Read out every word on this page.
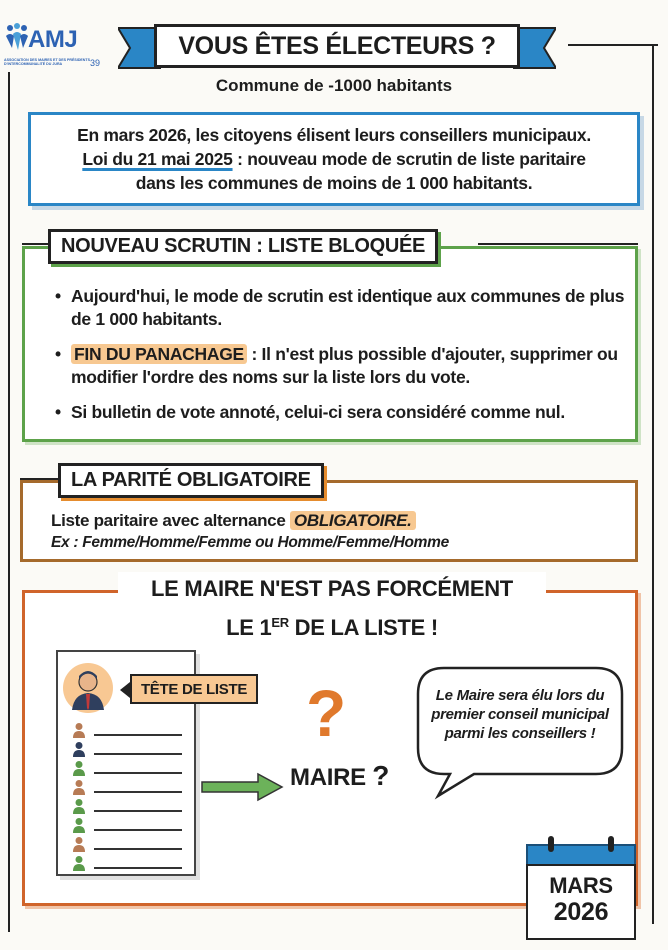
AMJ
ASSOCIATION DES MAIRES ET DES PRÉSIDENTS D'INTERCOMMUNALITÉ DU JURA	39
VOUS ÊTES ÉLECTEURS ?
Commune de -1000 habitants
En mars 2026, les citoyens élisent leurs conseillers municipaux.
Loi du 21 mai 2025 : nouveau mode de scrutin de liste paritaire
dans les communes de moins de 1 000 habitants.
• Aujourd'hui, le mode de scrutin est identique aux communes de plus de 1 000 habitants.
• FIN DU PANACHAGE : Il n'est plus possible d'ajouter, supprimer ou modifier l'ordre des noms sur la liste lors du vote.
• Si bulletin de vote annoté, celui-ci sera considéré comme nul.
NOUVEAU SCRUTIN : LISTE BLOQUÉE
Liste paritaire avec alternance OBLIGATOIRE.
Ex : Femme/Homme/Femme ou Homme/Femme/Homme
LA PARITÉ OBLIGATOIRE
LE MAIRE N'EST PAS FORCÉMENT
LE 1ER DE LA LISTE !
TÊTE DE LISTE ?
MAIRE ?
Le Maire sera élu lors du premier conseil municipal parmi les conseillers !
MARS
2026
